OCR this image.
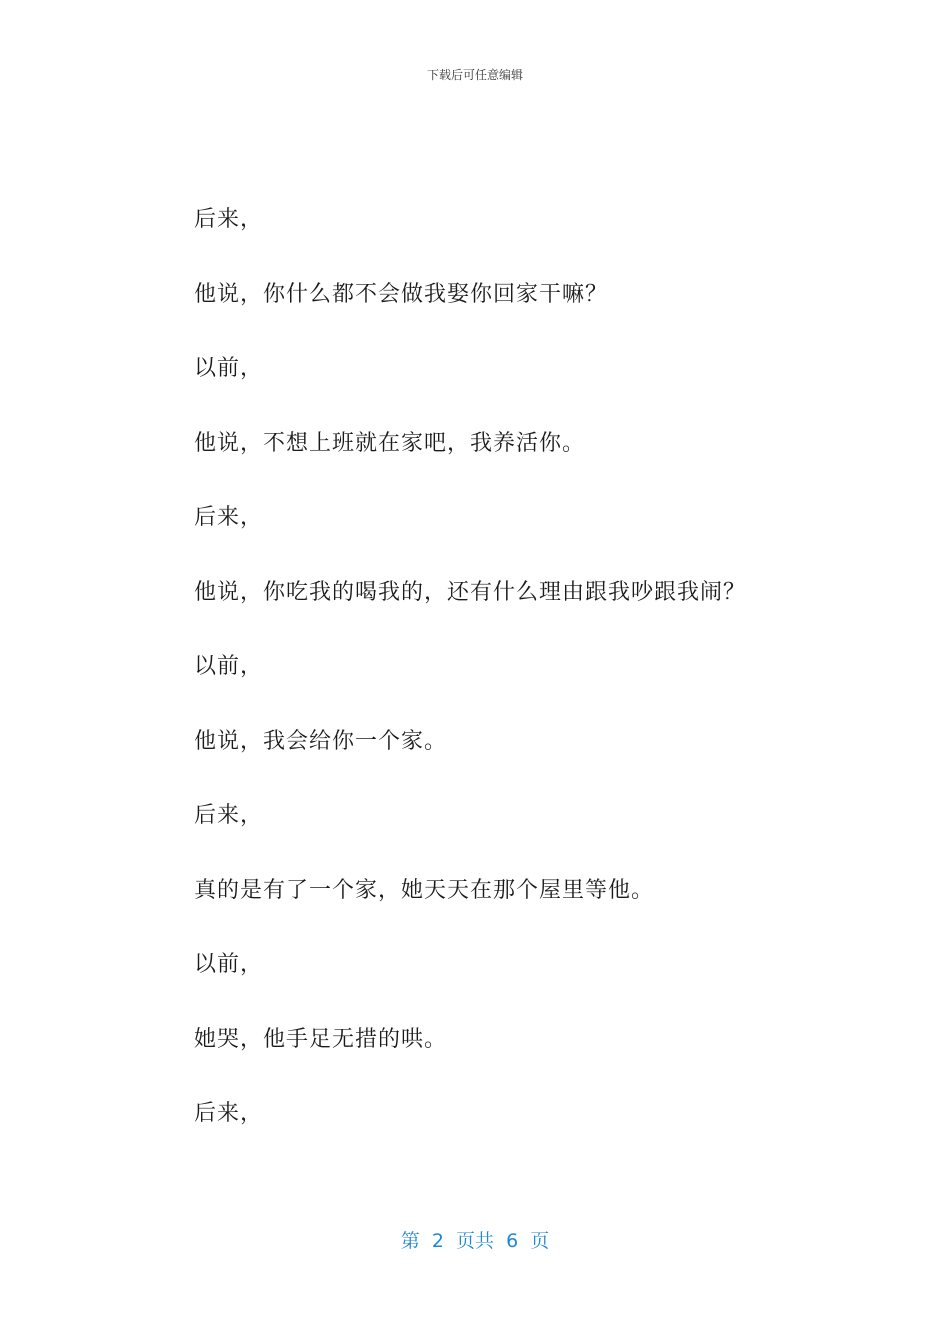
下载后可任意编辑

后来，

他说，你什么都不会做我娶你回家干嘛？

以前，

他说，不想上班就在家吧，我养活你。

后来，

他说，你吃我的喝我的，还有什么理由跟我吵跟我闹？

以前，

他说，我会给你一个家。

后来，

真的是有了一个家，她天天在那个屋里等他。

以前，

她哭，他手足无措的哄。

后来，

第  2  页共  6  页
